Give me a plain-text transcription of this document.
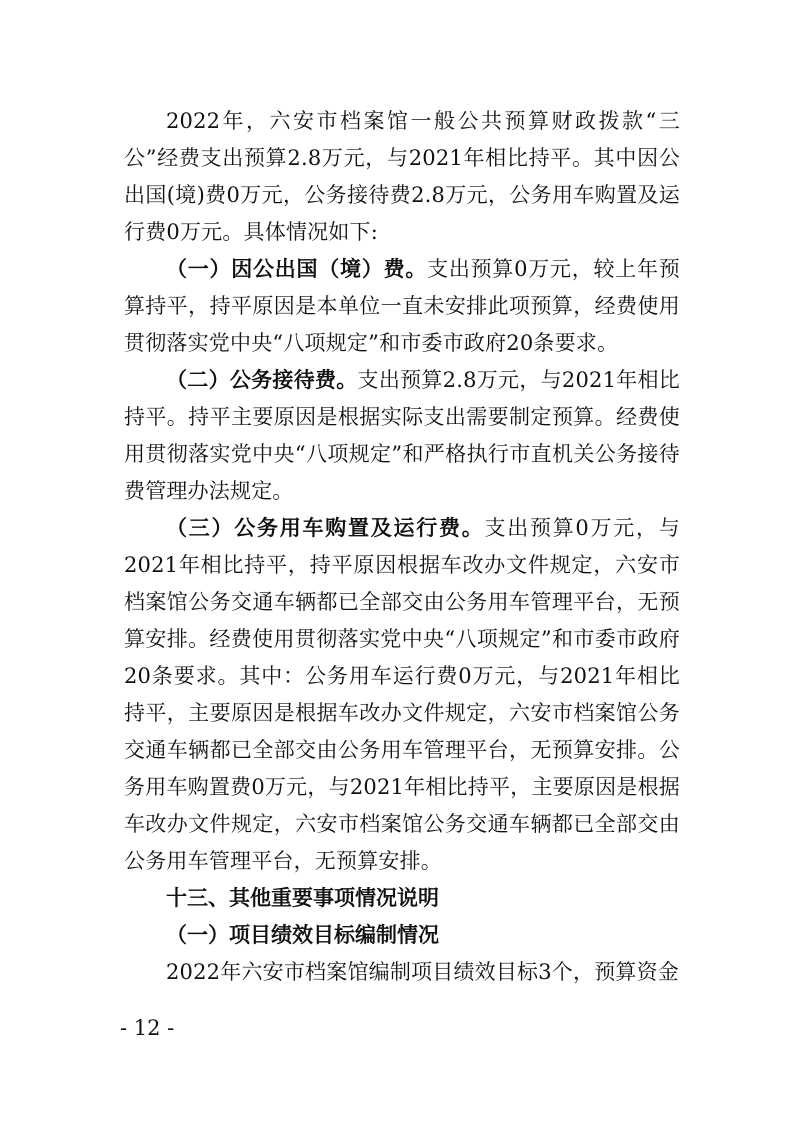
2022年，六安市档案馆一般公共预算财政拨款“三公”经费支出预算2.8万元，与2021年相比持平。其中因公出国(境)费0万元，公务接待费2.8万元，公务用车购置及运行费0万元。具体情况如下:

（一）因公出国（境）费。支出预算0万元，较上年预算持平，持平原因是本单位一直未安排此项预算，经费使用贯彻落实党中央“八项规定”和市委市政府20条要求。

（二）公务接待费。支出预算2.8万元，与2021年相比持平。持平主要原因是根据实际支出需要制定预算。经费使用贯彻落实党中央“八项规定”和严格执行市直机关公务接待费管理办法规定。

（三）公务用车购置及运行费。支出预算0万元，与2021年相比持平，持平原因根据车改办文件规定，六安市档案馆公务交通车辆都已全部交由公务用车管理平台，无预算安排。经费使用贯彻落实党中央“八项规定”和市委市政府20条要求。其中：公务用车运行费0万元，与2021年相比持平，主要原因是根据车改办文件规定，六安市档案馆公务交通车辆都已全部交由公务用车管理平台，无预算安排。公务用车购置费0万元，与2021年相比持平，主要原因是根据车改办文件规定，六安市档案馆公务交通车辆都已全部交由公务用车管理平台，无预算安排。

十三、其他重要事项情况说明

（一）项目绩效目标编制情况

2022年六安市档案馆编制项目绩效目标3个，预算资金

- 12 -
